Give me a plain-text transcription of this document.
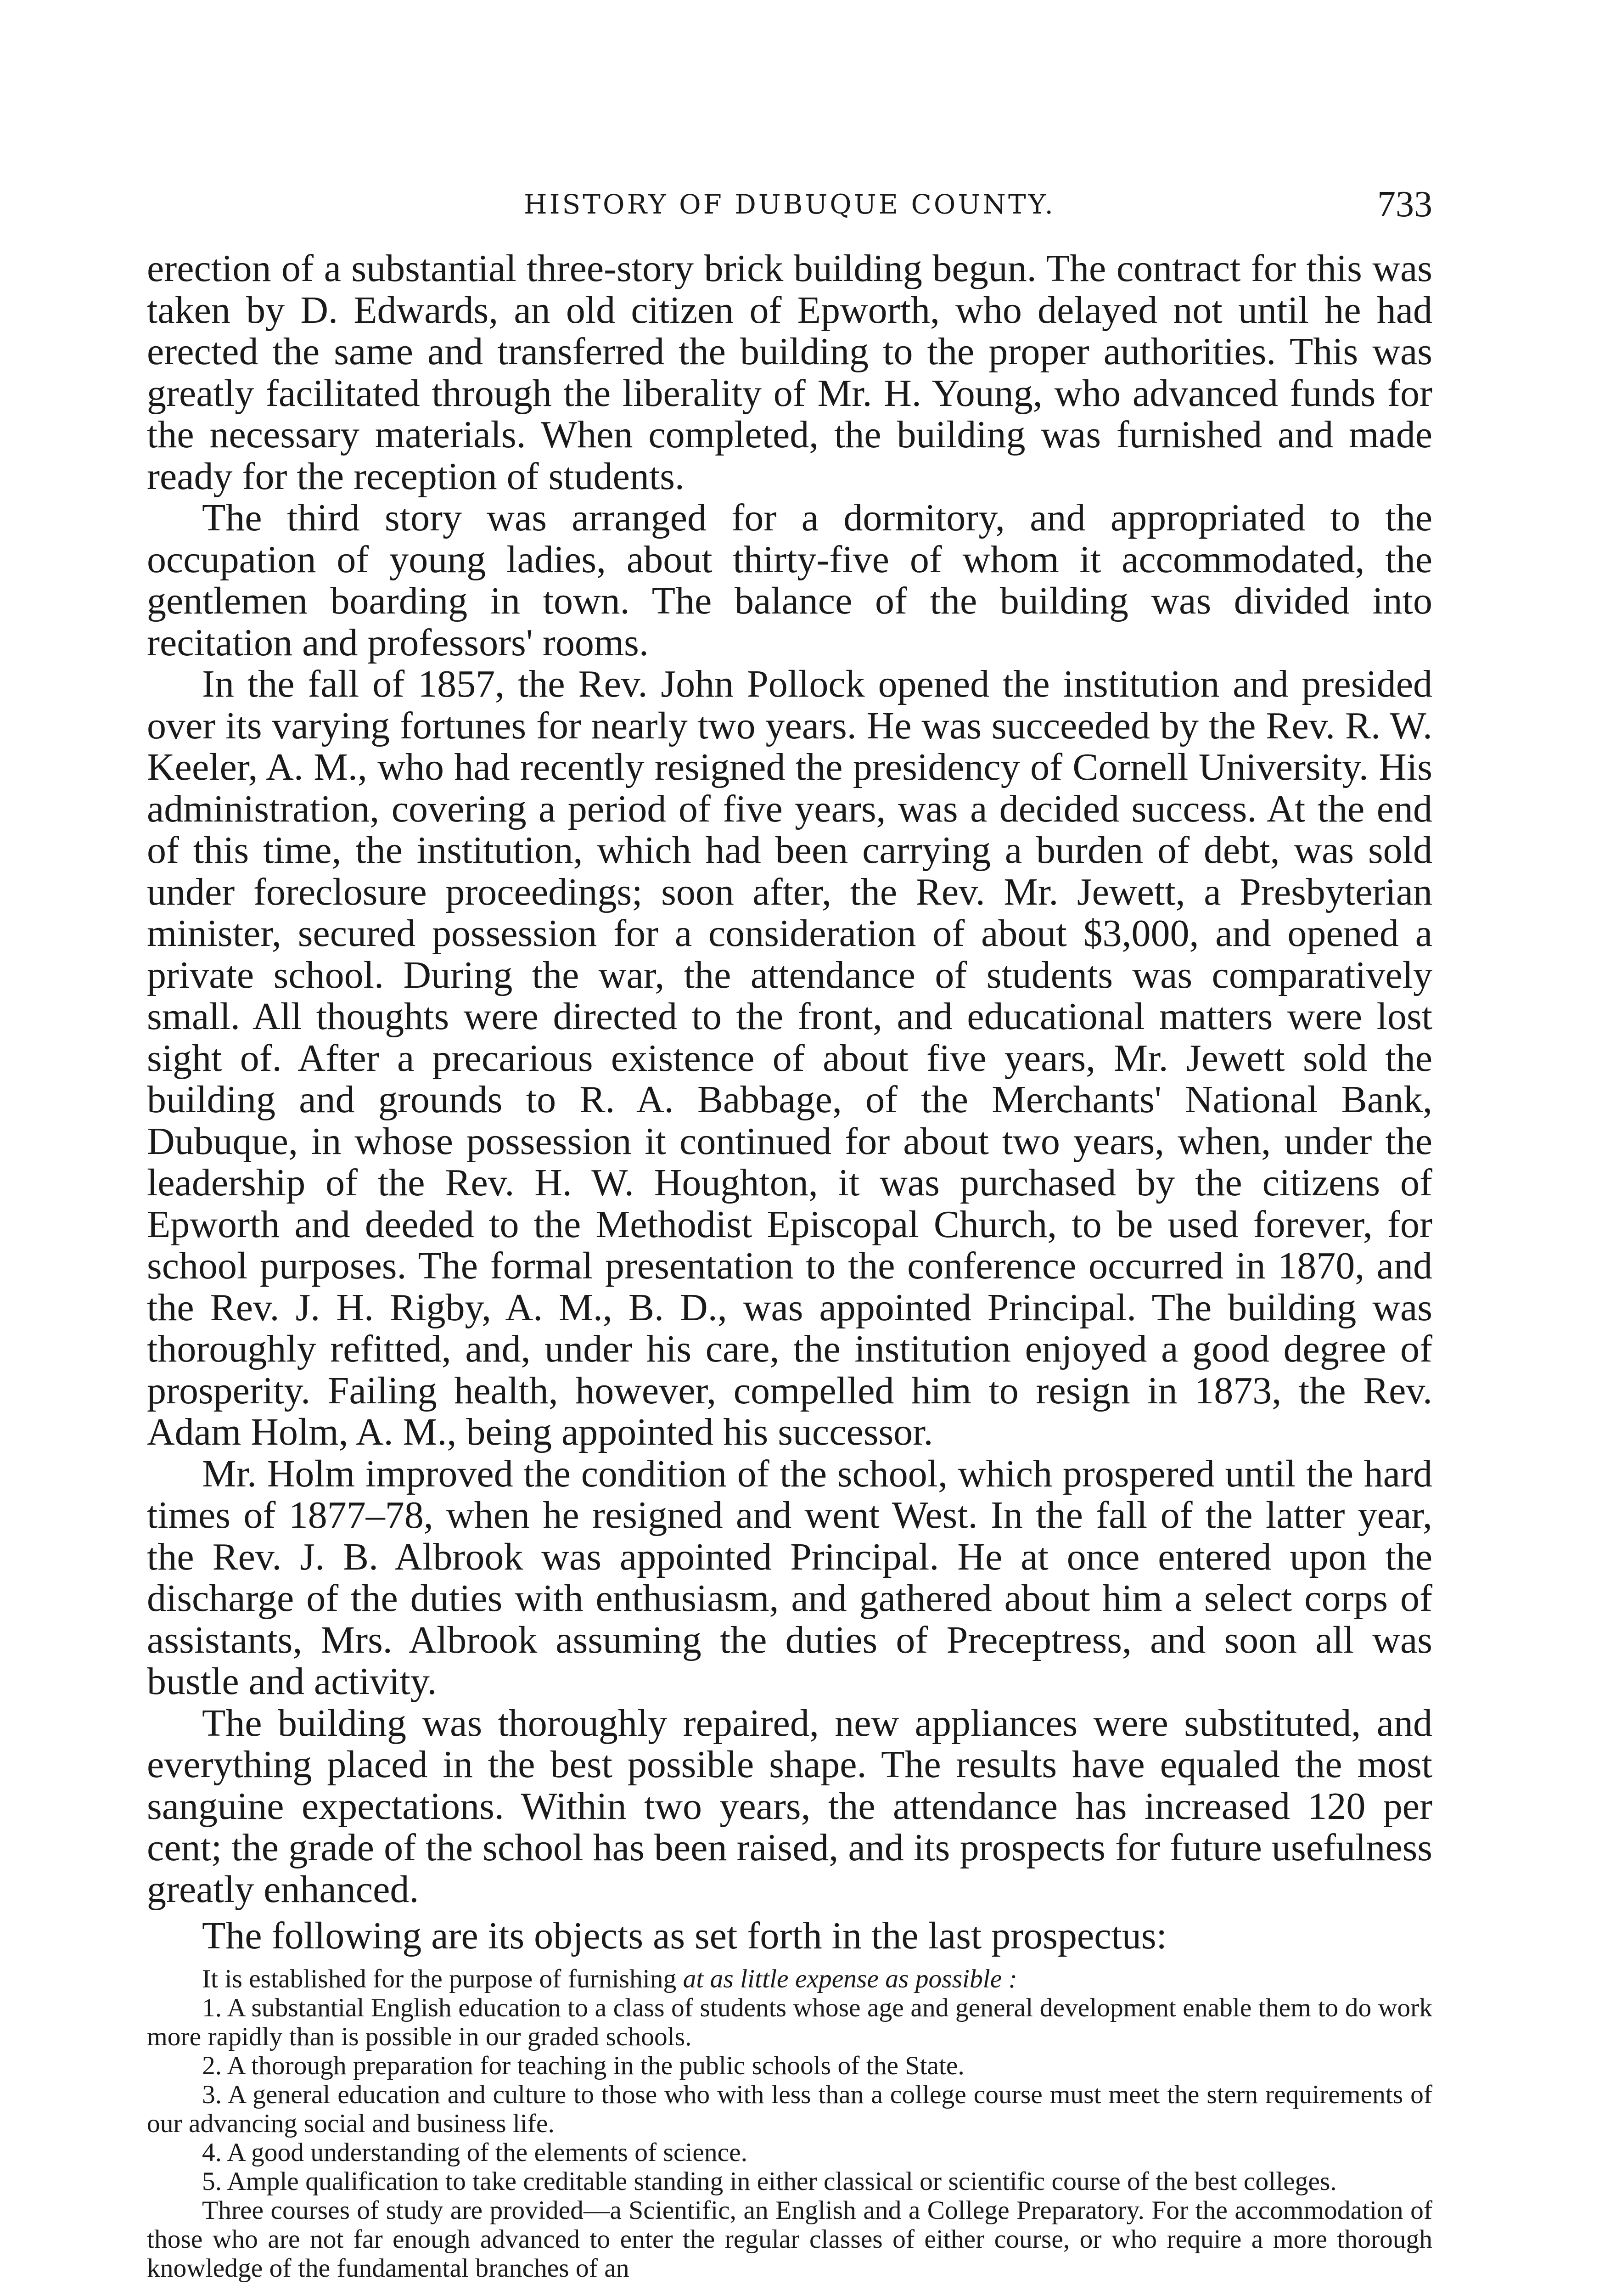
HISTORY OF DUBUQUE COUNTY.	733

erection of a substantial three-story brick building begun. The contract for this was taken by D. Edwards, an old citizen of Epworth, who delayed not until he had erected the same and transferred the building to the proper authorities. This was greatly facilitated through the liberality of Mr. H. Young, who advanced funds for the necessary materials. When completed, the building was furnished and made ready for the reception of students.

The third story was arranged for a dormitory, and appropriated to the occupation of young ladies, about thirty-five of whom it accommodated, the gentlemen boarding in town. The balance of the building was divided into recitation and professors' rooms.

In the fall of 1857, the Rev. John Pollock opened the institution and presided over its varying fortunes for nearly two years. He was succeeded by the Rev. R. W. Keeler, A. M., who had recently resigned the presidency of Cornell University. His administration, covering a period of five years, was a decided success. At the end of this time, the institution, which had been carrying a burden of debt, was sold under foreclosure proceedings; soon after, the Rev. Mr. Jewett, a Presbyterian minister, secured possession for a consideration of about $3,000, and opened a private school. During the war, the attendance of students was comparatively small. All thoughts were directed to the front, and educational matters were lost sight of. After a precarious existence of about five years, Mr. Jewett sold the building and grounds to R. A. Babbage, of the Merchants' National Bank, Dubuque, in whose possession it continued for about two years, when, under the leadership of the Rev. H. W. Houghton, it was purchased by the citizens of Epworth and deeded to the Methodist Episcopal Church, to be used forever, for school purposes. The formal presentation to the conference occurred in 1870, and the Rev. J. H. Rigby, A. M., B. D., was appointed Principal. The building was thoroughly refitted, and, under his care, the institution enjoyed a good degree of prosperity. Failing health, however, compelled him to resign in 1873, the Rev. Adam Holm, A. M., being appointed his successor.

Mr. Holm improved the condition of the school, which prospered until the hard times of 1877–78, when he resigned and went West. In the fall of the latter year, the Rev. J. B. Albrook was appointed Principal. He at once entered upon the discharge of the duties with enthusiasm, and gathered about him a select corps of assistants, Mrs. Albrook assuming the duties of Preceptress, and soon all was bustle and activity.

The building was thoroughly repaired, new appliances were substituted, and everything placed in the best possible shape. The results have equaled the most sanguine expectations. Within two years, the attendance has increased 120 per cent; the grade of the school has been raised, and its prospects for future usefulness greatly enhanced.

The following are its objects as set forth in the last prospectus:

It is established for the purpose of furnishing at as little expense as possible :

1. A substantial English education to a class of students whose age and general development enable them to do work more rapidly than is possible in our graded schools.

2. A thorough preparation for teaching in the public schools of the State.

3. A general education and culture to those who with less than a college course must meet the stern requirements of our advancing social and business life.

4. A good understanding of the elements of science.

5. Ample qualification to take creditable standing in either classical or scientific course of the best colleges.

Three courses of study are provided—a Scientific, an English and a College Preparatory. For the accommodation of those who are not far enough advanced to enter the regular classes of either course, or who require a more thorough knowledge of the fundamental branches of an
